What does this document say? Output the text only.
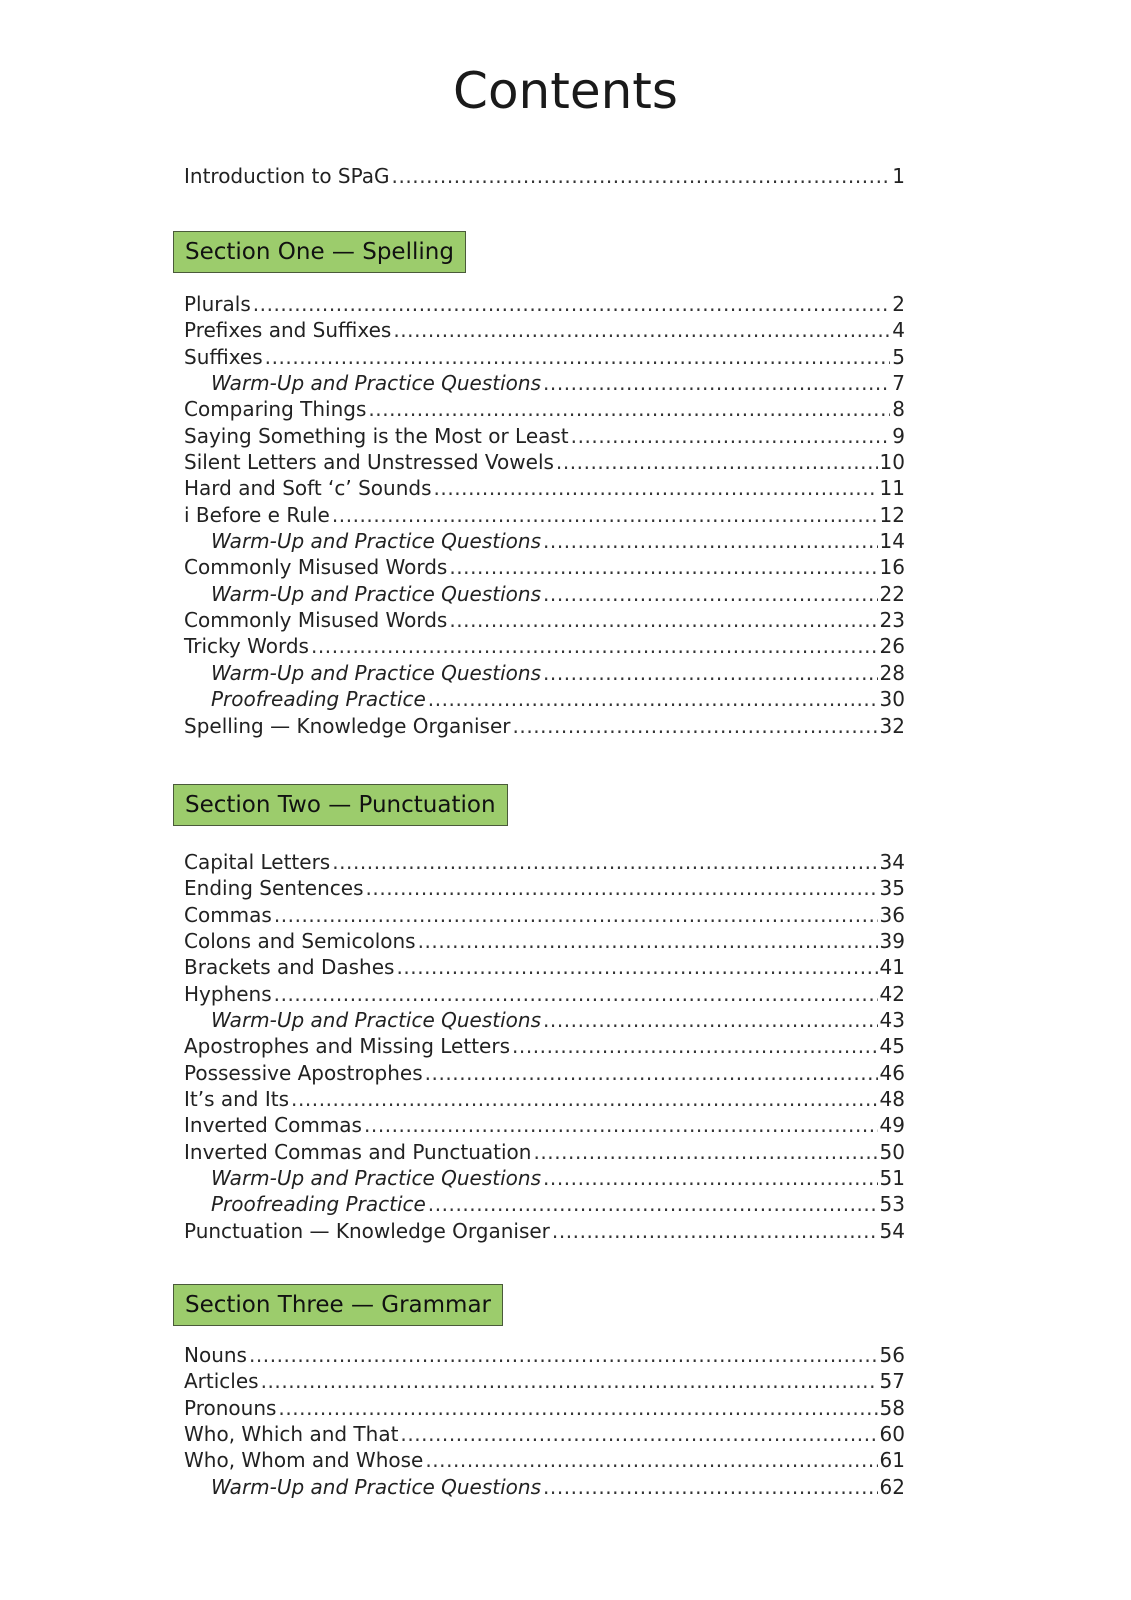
Contents
Introduction to SPaG . . .	1
Section One — Spelling
Plurals . . .	2
Prefixes and Suffixes . . .	4
Suffixes . . .	5
Warm-Up and Practice Questions . . .	7
Comparing Things . . .	8
Saying Something is the Most or Least . . .	9
Silent Letters and Unstressed Vowels . . .	10
Hard and Soft ‘c’ Sounds . . .	11
i Before e Rule . . .	12
Warm-Up and Practice Questions . . .	14
Commonly Misused Words . . .	16
Warm-Up and Practice Questions . . .	22
Commonly Misused Words . . .	23
Tricky Words . . .	26
Warm-Up and Practice Questions . . .	28
Proofreading Practice . . .	30
Spelling — Knowledge Organiser . . .	32
Section Two — Punctuation
Capital Letters . . .	34
Ending Sentences . . .	35
Commas . . .	36
Colons and Semicolons . . .	39
Brackets and Dashes . . .	41
Hyphens . . .	42
Warm-Up and Practice Questions . . .	43
Apostrophes and Missing Letters . . .	45
Possessive Apostrophes . . .	46
It’s and Its . . .	48
Inverted Commas . . .	49
Inverted Commas and Punctuation . . .	50
Warm-Up and Practice Questions . . .	51
Proofreading Practice . . .	53
Punctuation — Knowledge Organiser . . .	54
Section Three — Grammar
Nouns . . .	56
Articles . . .	57
Pronouns . . .	58
Who, Which and That . . .	60
Who, Whom and Whose . . .	61
Warm-Up and Practice Questions . . .	62
